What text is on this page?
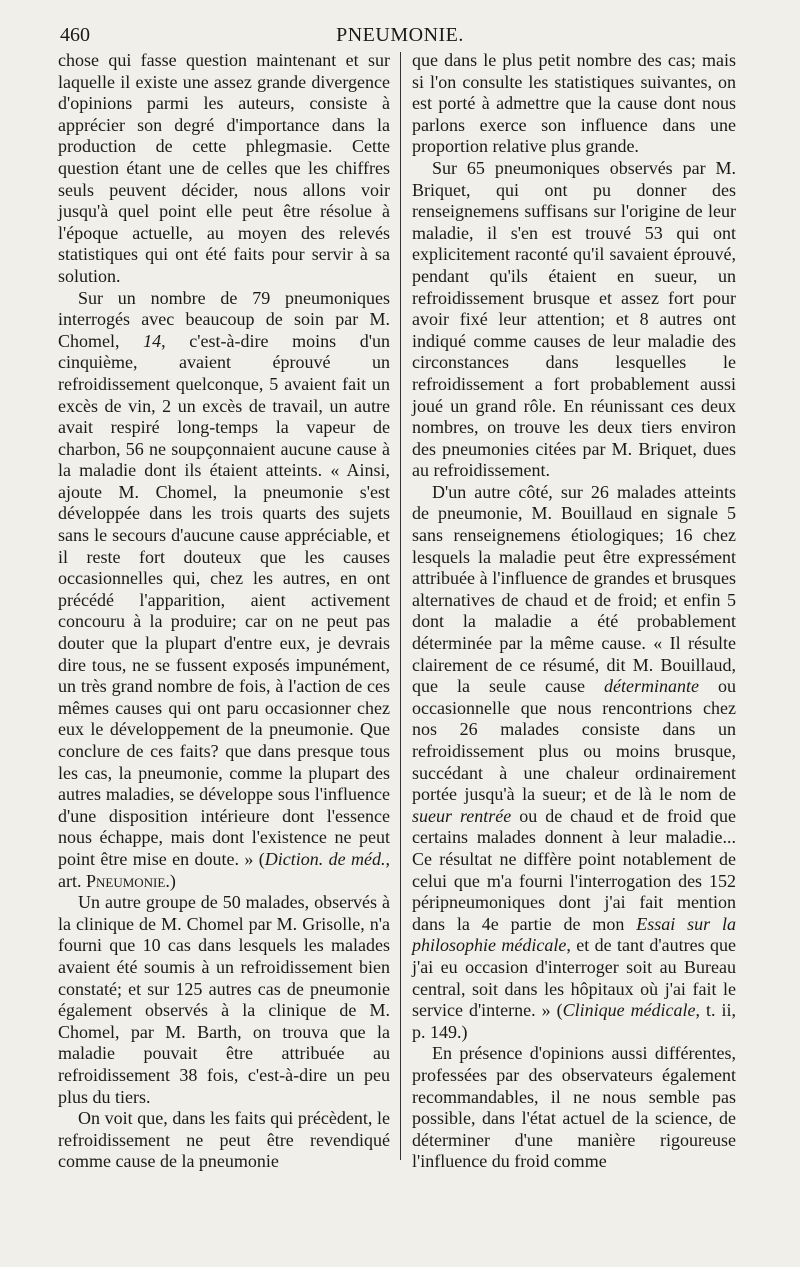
460	PNEUMONIE.

chose qui fasse question maintenant et sur laquelle il existe une assez grande divergence d'opinions parmi les auteurs, consiste à apprécier son degré d'importance dans la production de cette phlegmasie. Cette question étant une de celles que les chiffres seuls peuvent décider, nous allons voir jusqu'à quel point elle peut être résolue à l'époque actuelle, au moyen des relevés statistiques qui ont été faits pour servir à sa solution.

Sur un nombre de 79 pneumoniques interrogés avec beaucoup de soin par M. Chomel, 14, c'est-à-dire moins d'un cinquième, avaient éprouvé un refroidissement quelconque, 5 avaient fait un excès de vin, 2 un excès de travail, un autre avait respiré long-temps la vapeur de charbon, 56 ne soupçonnaient aucune cause à la maladie dont ils étaient atteints. « Ainsi, ajoute M. Chomel, la pneumonie s'est développée dans les trois quarts des sujets sans le secours d'aucune cause appréciable, et il reste fort douteux que les causes occasionnelles qui, chez les autres, en ont précédé l'apparition, aient activement concouru à la produire; car on ne peut pas douter que la plupart d'entre eux, je devrais dire tous, ne se fussent exposés impunément, un très grand nombre de fois, à l'action de ces mêmes causes qui ont paru occasionner chez eux le développement de la pneumonie. Que conclure de ces faits? que dans presque tous les cas, la pneumonie, comme la plupart des autres maladies, se développe sous l'influence d'une disposition intérieure dont l'essence nous échappe, mais dont l'existence ne peut point être mise en doute. » (Diction. de méd., art. Pneumonie.)

Un autre groupe de 50 malades, observés à la clinique de M. Chomel par M. Grisolle, n'a fourni que 10 cas dans lesquels les malades avaient été soumis à un refroidissement bien constaté; et sur 125 autres cas de pneumonie également observés à la clinique de M. Chomel, par M. Barth, on trouva que la maladie pouvait être attribuée au refroidissement 38 fois, c'est-à-dire un peu plus du tiers.

On voit que, dans les faits qui précèdent, le refroidissement ne peut être revendiqué comme cause de la pneumonie

que dans le plus petit nombre des cas; mais si l'on consulte les statistiques suivantes, on est porté à admettre que la cause dont nous parlons exerce son influence dans une proportion relative plus grande.

Sur 65 pneumoniques observés par M. Briquet, qui ont pu donner des renseignemens suffisans sur l'origine de leur maladie, il s'en est trouvé 53 qui ont explicitement raconté qu'il savaient éprouvé, pendant qu'ils étaient en sueur, un refroidissement brusque et assez fort pour avoir fixé leur attention; et 8 autres ont indiqué comme causes de leur maladie des circonstances dans lesquelles le refroidissement a fort probablement aussi joué un grand rôle. En réunissant ces deux nombres, on trouve les deux tiers environ des pneumonies citées par M. Briquet, dues au refroidissement.

D'un autre côté, sur 26 malades atteints de pneumonie, M. Bouillaud en signale 5 sans renseignemens étiologiques; 16 chez lesquels la maladie peut être expressément attribuée à l'influence de grandes et brusques alternatives de chaud et de froid; et enfin 5 dont la maladie a été probablement déterminée par la même cause. « Il résulte clairement de ce résumé, dit M. Bouillaud, que la seule cause déterminante ou occasionnelle que nous rencontrions chez nos 26 malades consiste dans un refroidissement plus ou moins brusque, succédant à une chaleur ordinairement portée jusqu'à la sueur; et de là le nom de sueur rentrée ou de chaud et de froid que certains malades donnent à leur maladie... Ce résultat ne diffère point notablement de celui que m'a fourni l'interrogation des 152 péripneumoniques dont j'ai fait mention dans la 4e partie de mon Essai sur la philosophie médicale, et de tant d'autres que j'ai eu occasion d'interroger soit au Bureau central, soit dans les hôpitaux où j'ai fait le service d'interne. » (Clinique médicale, t. ii, p. 149.)

En présence d'opinions aussi différentes, professées par des observateurs également recommandables, il ne nous semble pas possible, dans l'état actuel de la science, de déterminer d'une manière rigoureuse l'influence du froid comme
